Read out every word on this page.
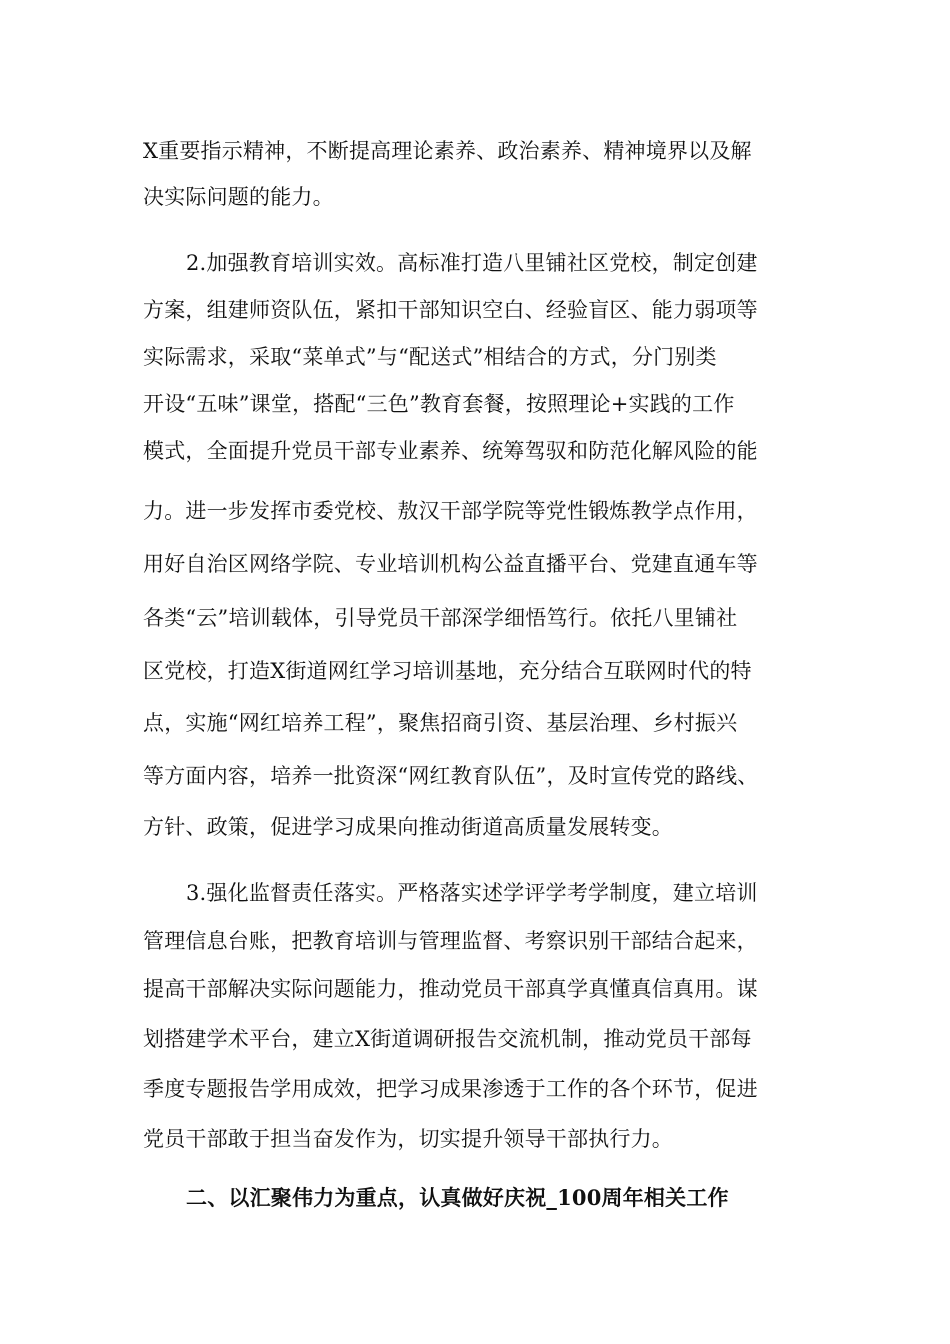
X重要指示精神，不断提高理论素养、政治素养、精神境界以及解
决实际问题的能力。
2.加强教育培训实效。高标准打造八里铺社区党校，制定创建
方案，组建师资队伍，紧扣干部知识空白、经验盲区、能力弱项等
实际需求，采取“菜单式”与“配送式”相结合的方式，分门别类
开设“五味”课堂，搭配“三色”教育套餐，按照理论+实践的工作
模式，全面提升党员干部专业素养、统筹驾驭和防范化解风险的能
力。进一步发挥市委党校、敖汉干部学院等党性锻炼教学点作用，
用好自治区网络学院、专业培训机构公益直播平台、党建直通车等
各类“云”培训载体，引导党员干部深学细悟笃行。依托八里铺社
区党校，打造X街道网红学习培训基地，充分结合互联网时代的特
点，实施“网红培养工程”，聚焦招商引资、基层治理、乡村振兴
等方面内容，培养一批资深“网红教育队伍”，及时宣传党的路线、
方针、政策，促进学习成果向推动街道高质量发展转变。
3.强化监督责任落实。严格落实述学评学考学制度，建立培训
管理信息台账，把教育培训与管理监督、考察识别干部结合起来，
提高干部解决实际问题能力，推动党员干部真学真懂真信真用。谋
划搭建学术平台，建立X街道调研报告交流机制，推动党员干部每
季度专题报告学用成效，把学习成果渗透于工作的各个环节，促进
党员干部敢于担当奋发作为，切实提升领导干部执行力。
二、以汇聚伟力为重点，认真做好庆祝_100周年相关工作
